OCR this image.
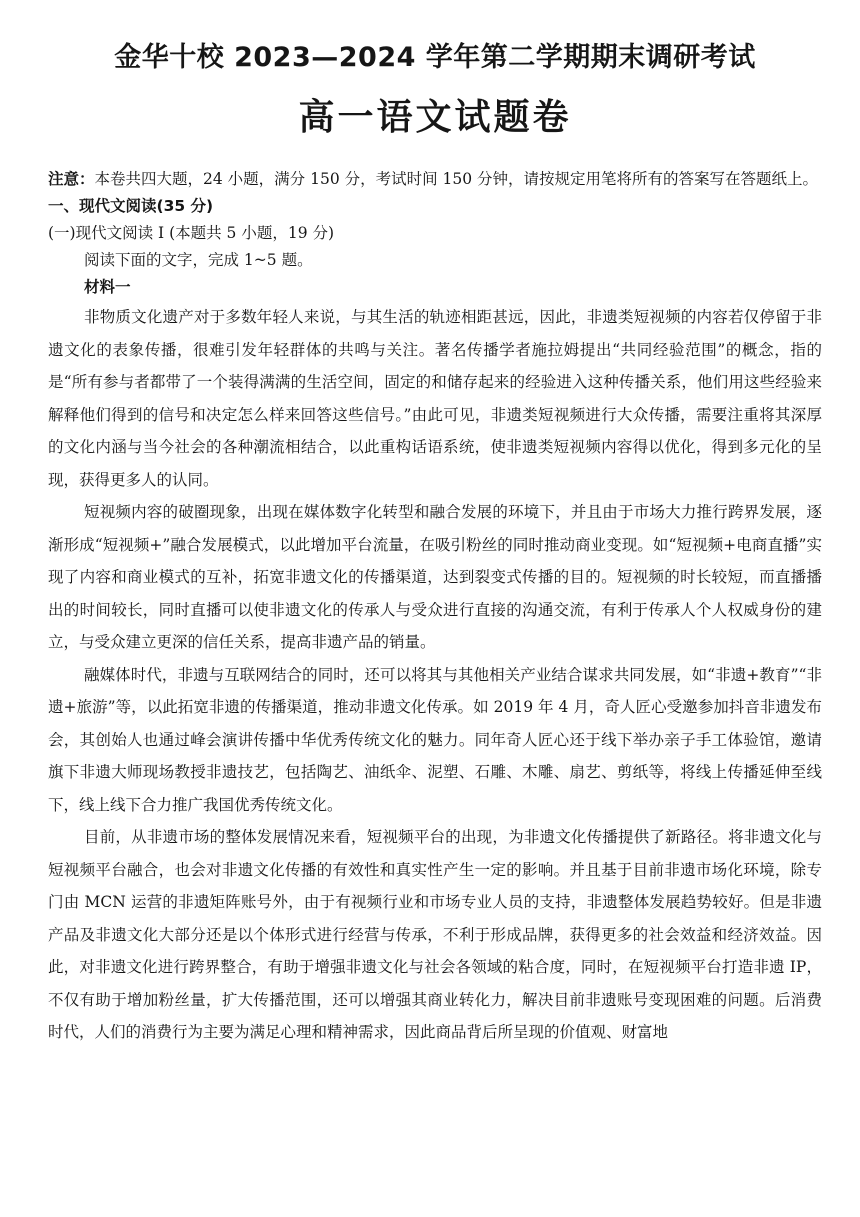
金华十校 2023—2024 学年第二学期期末调研考试
高一语文试题卷
注意：本卷共四大题，24 小题，满分 150 分，考试时间 150 分钟，请按规定用笔将所有的答案写在答题纸上。
一、现代文阅读(35 分)
(一)现代文阅读 I (本题共 5 小题，19 分)
阅读下面的文字，完成 1~5 题。
材料一

非物质文化遗产对于多数年轻人来说，与其生活的轨迹相距甚远，因此，非遗类短视频的内容若仅停留于非遗文化的表象传播，很难引发年轻群体的共鸣与关注。著名传播学者施拉姆提出“共同经验范围”的概念，指的是“所有参与者都带了一个装得满满的生活空间，固定的和储存起来的经验进入这种传播关系，他们用这些经验来解释他们得到的信号和决定怎么样来回答这些信号。”由此可见，非遗类短视频进行大众传播，需要注重将其深厚的文化内涵与当今社会的各种潮流相结合，以此重构话语系统，使非遗类短视频内容得以优化，得到多元化的呈现，获得更多人的认同。

短视频内容的破圈现象，出现在媒体数字化转型和融合发展的环境下，并且由于市场大力推行跨界发展，逐渐形成“短视频+”融合发展模式，以此增加平台流量，在吸引粉丝的同时推动商业变现。如“短视频+电商直播”实现了内容和商业模式的互补，拓宽非遗文化的传播渠道，达到裂变式传播的目的。短视频的时长较短，而直播播出的时间较长，同时直播可以使非遗文化的传承人与受众进行直接的沟通交流，有利于传承人个人权威身份的建立，与受众建立更深的信任关系，提高非遗产品的销量。

融媒体时代，非遗与互联网结合的同时，还可以将其与其他相关产业结合谋求共同发展，如“非遗+教育”“非遗+旅游”等，以此拓宽非遗的传播渠道，推动非遗文化传承。如 2019 年 4 月，奇人匠心受邀参加抖音非遗发布会，其创始人也通过峰会演讲传播中华优秀传统文化的魅力。同年奇人匠心还于线下举办亲子手工体验馆，邀请旗下非遗大师现场教授非遗技艺，包括陶艺、油纸伞、泥塑、石雕、木雕、扇艺、剪纸等，将线上传播延伸至线下，线上线下合力推广我国优秀传统文化。

目前，从非遗市场的整体发展情况来看，短视频平台的出现，为非遗文化传播提供了新路径。将非遗文化与短视频平台融合，也会对非遗文化传播的有效性和真实性产生一定的影响。并且基于目前非遗市场化环境，除专门由 MCN 运营的非遗矩阵账号外，由于有视频行业和市场专业人员的支持，非遗整体发展趋势较好。但是非遗产品及非遗文化大部分还是以个体形式进行经营与传承，不利于形成品牌，获得更多的社会效益和经济效益。因此，对非遗文化进行跨界整合，有助于增强非遗文化与社会各领域的粘合度，同时，在短视频平台打造非遗 IP，不仅有助于增加粉丝量，扩大传播范围，还可以增强其商业转化力，解决目前非遗账号变现困难的问题。后消费时代，人们的消费行为主要为满足心理和精神需求，因此商品背后所呈现的价值观、财富地
